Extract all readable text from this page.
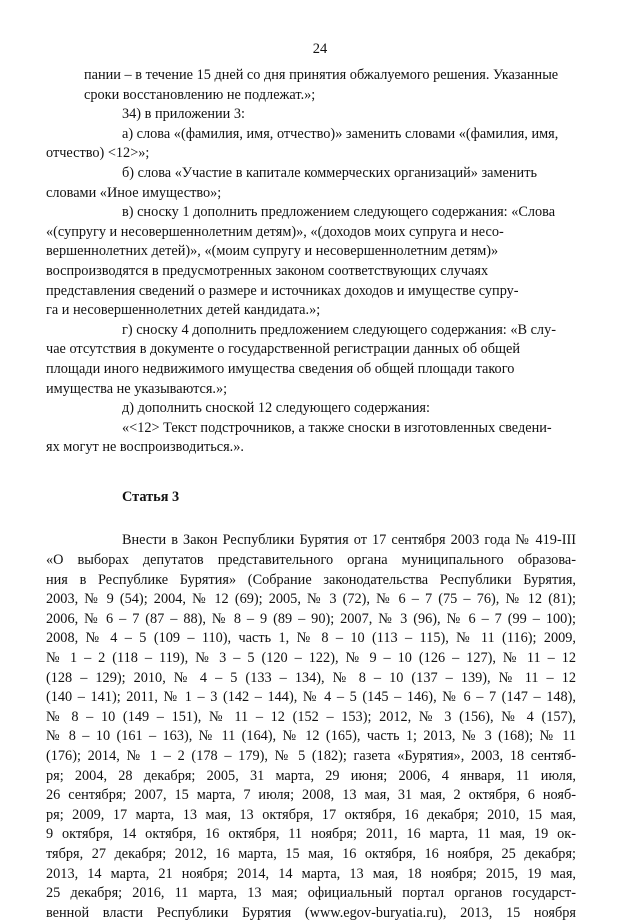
24
пании – в течение 15 дней со дня принятия обжалуемого решения. Указанные
сроки восстановлению не подлежат.»;
34) в приложении 3:
а) слова «(фамилия, имя, отчество)» заменить словами «(фамилия, имя,
отчество) <12>»;
б) слова «Участие в капитале коммерческих организаций» заменить
словами «Иное имущество»;
в) сноску 1 дополнить предложением следующего содержания: «Слова
«(супругу и несовершеннолетним детям)», «(доходов моих супруга и несо-
вершеннолетних детей)», «(моим супругу и несовершеннолетним детям)»
воспроизводятся в предусмотренных законом соответствующих случаях
представления сведений о размере и источниках доходов и имуществе супру-
га и несовершеннолетних детей кандидата.»;
г) сноску 4 дополнить предложением следующего содержания: «В слу-
чае отсутствия в документе о государственной регистрации данных об общей
площади иного недвижимого имущества сведения об общей площади такого
имущества не указываются.»;
д) дополнить сноской 12 следующего содержания:
«<12> Текст подстрочников, а также сноски в изготовленных сведени-
ях могут не воспроизводиться.».
Статья 3
Внести в Закон Республики Бурятия от 17 сентября 2003 года № 419-III
«О выборах депутатов представительного органа муниципального образова-
ния в Республике Бурятия» (Собрание законодательства Республики Бурятия,
2003, № 9 (54); 2004, № 12 (69); 2005, № 3 (72), № 6 – 7 (75 – 76), № 12 (81);
2006, № 6 – 7 (87 – 88), № 8 – 9 (89 – 90); 2007, № 3 (96), № 6 – 7 (99 – 100);
2008, № 4 – 5 (109 – 110), часть 1, № 8 – 10 (113 – 115), № 11 (116); 2009,
№ 1 – 2 (118 – 119), № 3 – 5 (120 – 122), № 9 – 10 (126 – 127), № 11 – 12
(128 – 129); 2010, № 4 – 5 (133 – 134), № 8 – 10 (137 – 139), № 11 – 12
(140 – 141); 2011, № 1 – 3 (142 – 144), № 4 – 5 (145 – 146), № 6 – 7 (147 – 148),
№ 8 – 10 (149 – 151), № 11 – 12 (152 – 153); 2012, № 3 (156), № 4 (157),
№ 8 – 10 (161 – 163), № 11 (164), № 12 (165), часть 1; 2013, № 3 (168); № 11
(176); 2014, № 1 – 2 (178 – 179), № 5 (182); газета «Бурятия», 2003, 18 сентяб-
ря; 2004, 28 декабря; 2005, 31 марта, 29 июня; 2006, 4 января, 11 июля,
26 сентября; 2007, 15 марта, 7 июля; 2008, 13 мая, 31 мая, 2 октября, 6 нояб-
ря; 2009, 17 марта, 13 мая, 13 октября, 17 октября, 16 декабря; 2010, 15 мая,
9 октября, 14 октября, 16 октября, 11 ноября; 2011, 16 марта, 11 мая, 19 ок-
тября, 27 декабря; 2012, 16 марта, 15 мая, 16 октября, 16 ноября, 25 декабря;
2013, 14 марта, 21 ноября; 2014, 14 марта, 13 мая, 18 ноября; 2015, 19 мая,
25 декабря; 2016, 11 марта, 13 мая; официальный портал органов государст-
венной власти Республики Бурятия (www.egov-buryatia.ru), 2013, 15 ноября
